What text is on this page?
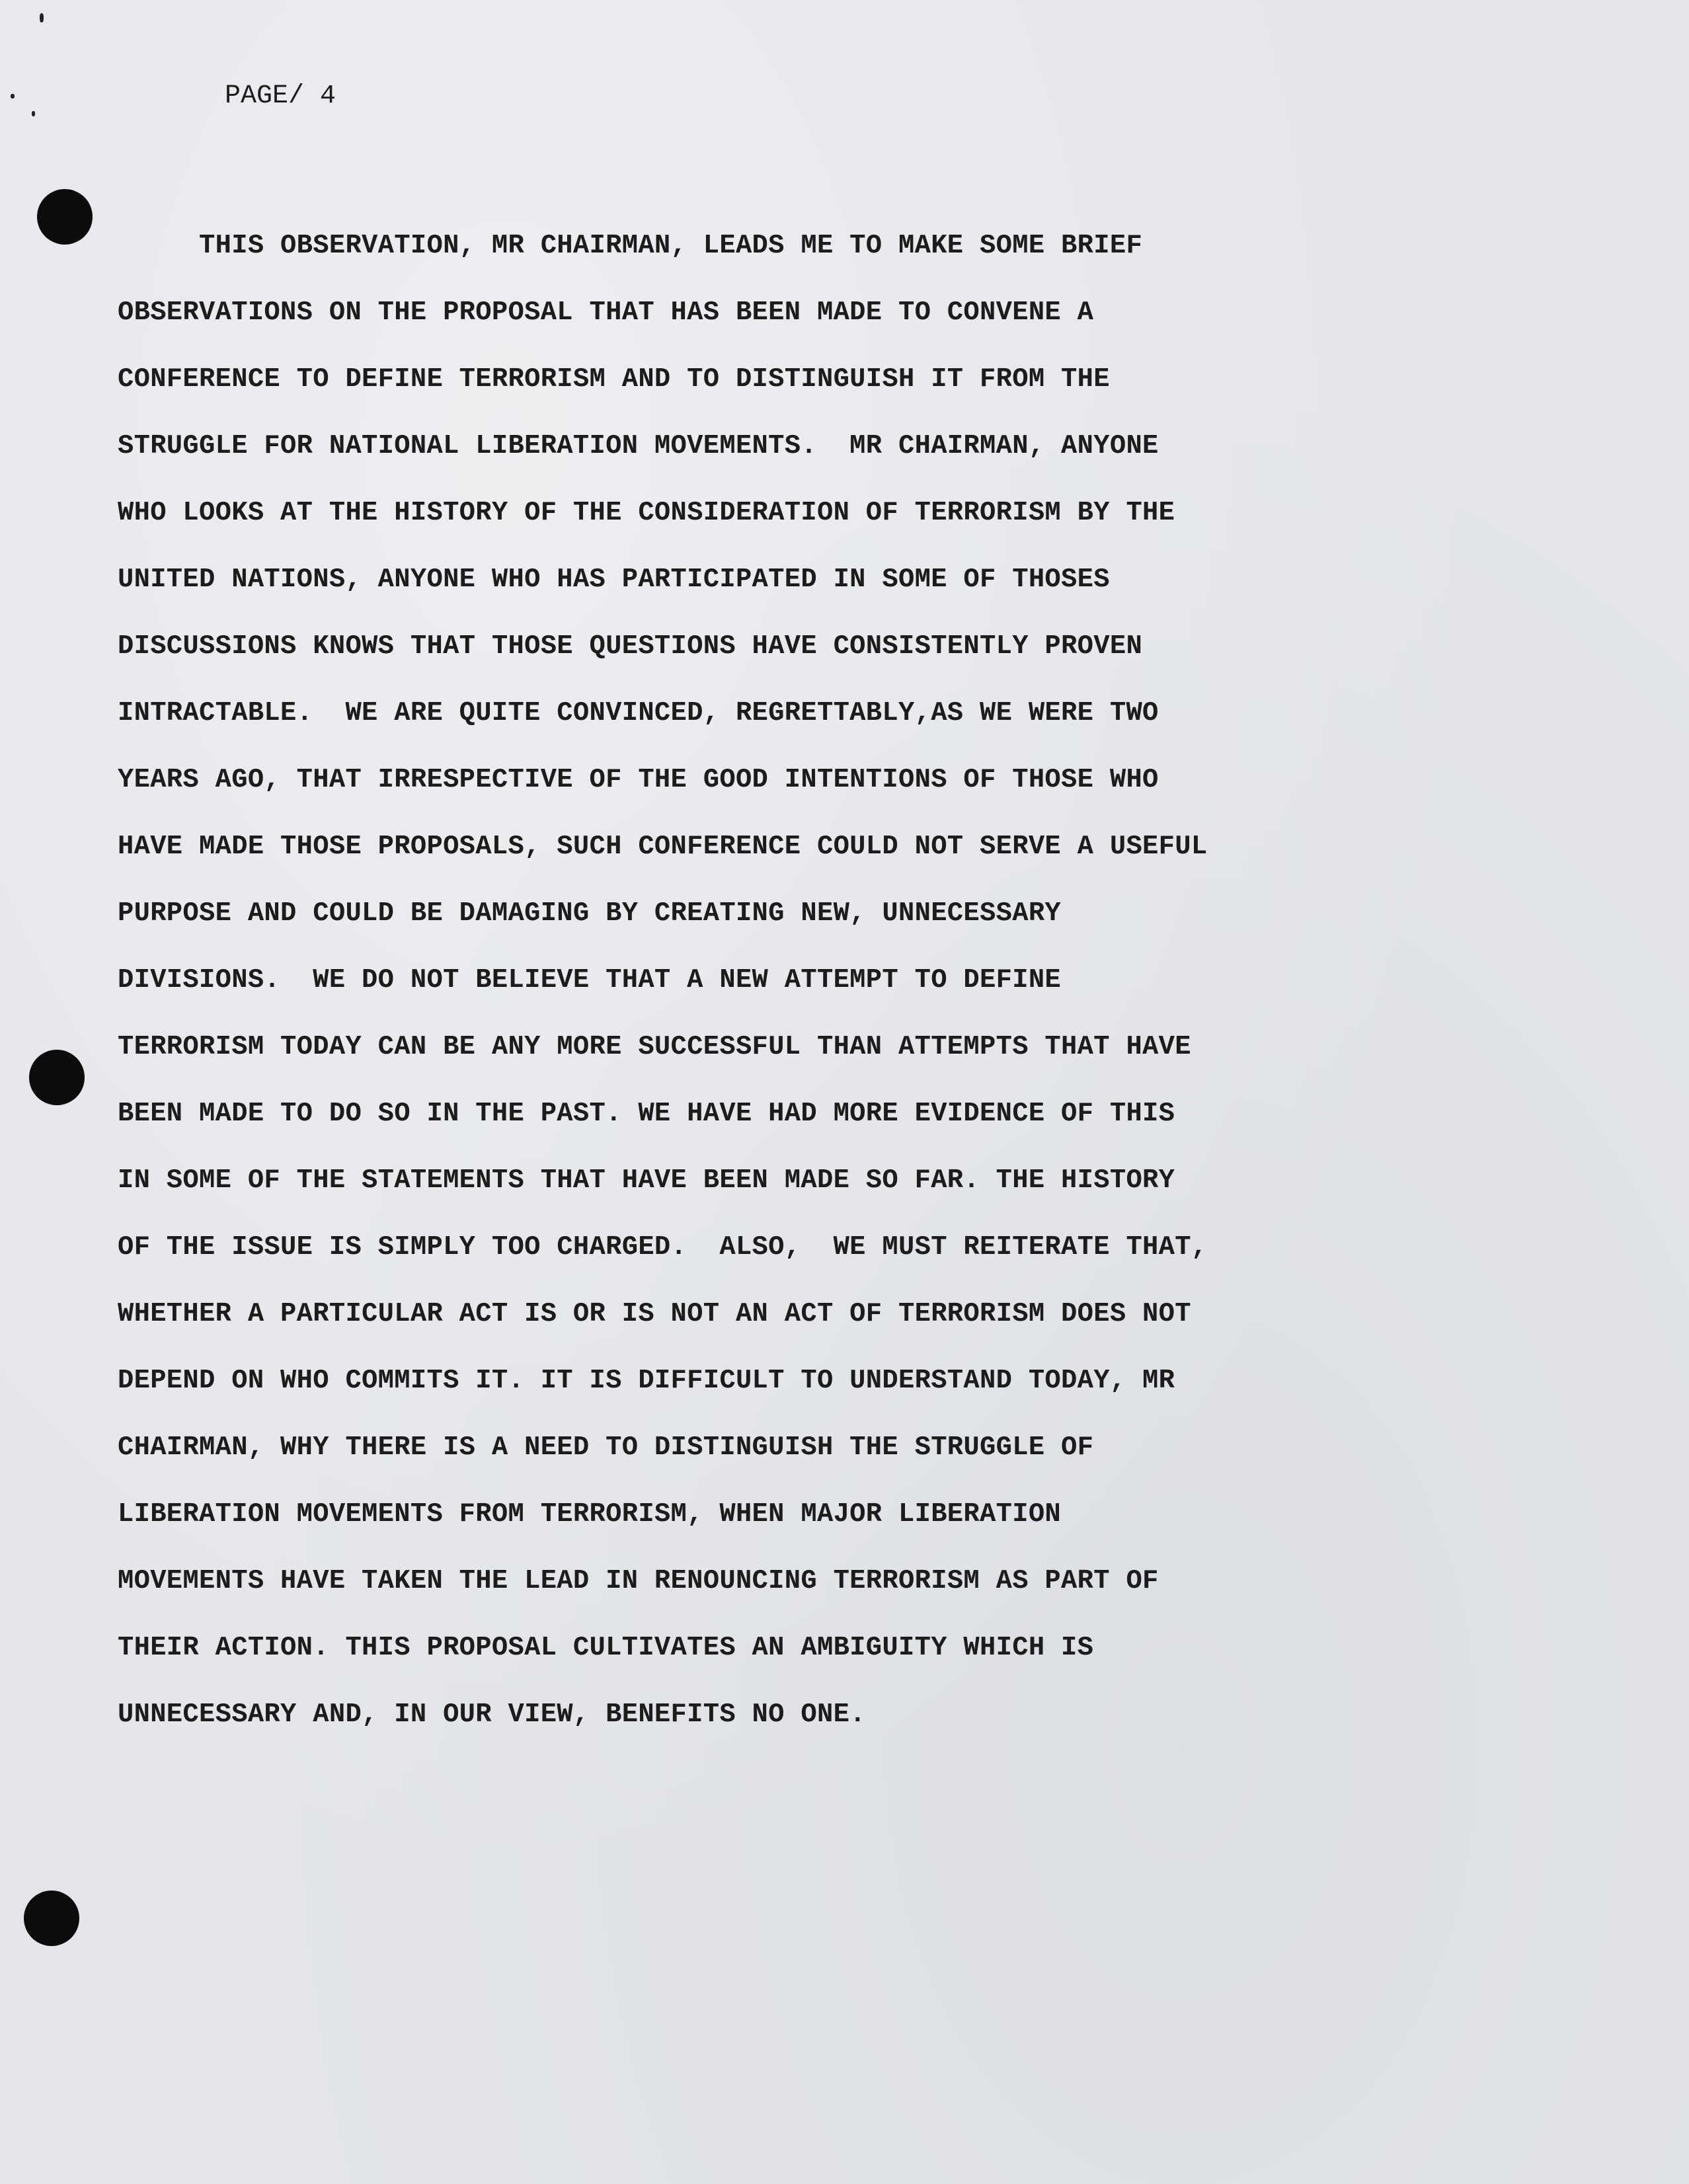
PAGE/ 4

THIS OBSERVATION, MR CHAIRMAN, LEADS ME TO MAKE SOME BRIEF
OBSERVATIONS ON THE PROPOSAL THAT HAS BEEN MADE TO CONVENE A
CONFERENCE TO DEFINE TERRORISM AND TO DISTINGUISH IT FROM THE
STRUGGLE FOR NATIONAL LIBERATION MOVEMENTS.  MR CHAIRMAN, ANYONE
WHO LOOKS AT THE HISTORY OF THE CONSIDERATION OF TERRORISM BY THE
UNITED NATIONS, ANYONE WHO HAS PARTICIPATED IN SOME OF THOSES
DISCUSSIONS KNOWS THAT THOSE QUESTIONS HAVE CONSISTENTLY PROVEN
INTRACTABLE.  WE ARE QUITE CONVINCED, REGRETTABLY,AS WE WERE TWO
YEARS AGO, THAT IRRESPECTIVE OF THE GOOD INTENTIONS OF THOSE WHO
HAVE MADE THOSE PROPOSALS, SUCH CONFERENCE COULD NOT SERVE A USEFUL
PURPOSE AND COULD BE DAMAGING BY CREATING NEW, UNNECESSARY
DIVISIONS.  WE DO NOT BELIEVE THAT A NEW ATTEMPT TO DEFINE
TERRORISM TODAY CAN BE ANY MORE SUCCESSFUL THAN ATTEMPTS THAT HAVE
BEEN MADE TO DO SO IN THE PAST. WE HAVE HAD MORE EVIDENCE OF THIS
IN SOME OF THE STATEMENTS THAT HAVE BEEN MADE SO FAR. THE HISTORY
OF THE ISSUE IS SIMPLY TOO CHARGED.  ALSO,  WE MUST REITERATE THAT,
WHETHER A PARTICULAR ACT IS OR IS NOT AN ACT OF TERRORISM DOES NOT
DEPEND ON WHO COMMITS IT. IT IS DIFFICULT TO UNDERSTAND TODAY, MR
CHAIRMAN, WHY THERE IS A NEED TO DISTINGUISH THE STRUGGLE OF
LIBERATION MOVEMENTS FROM TERRORISM, WHEN MAJOR LIBERATION
MOVEMENTS HAVE TAKEN THE LEAD IN RENOUNCING TERRORISM AS PART OF
THEIR ACTION. THIS PROPOSAL CULTIVATES AN AMBIGUITY WHICH IS
UNNECESSARY AND, IN OUR VIEW, BENEFITS NO ONE.
